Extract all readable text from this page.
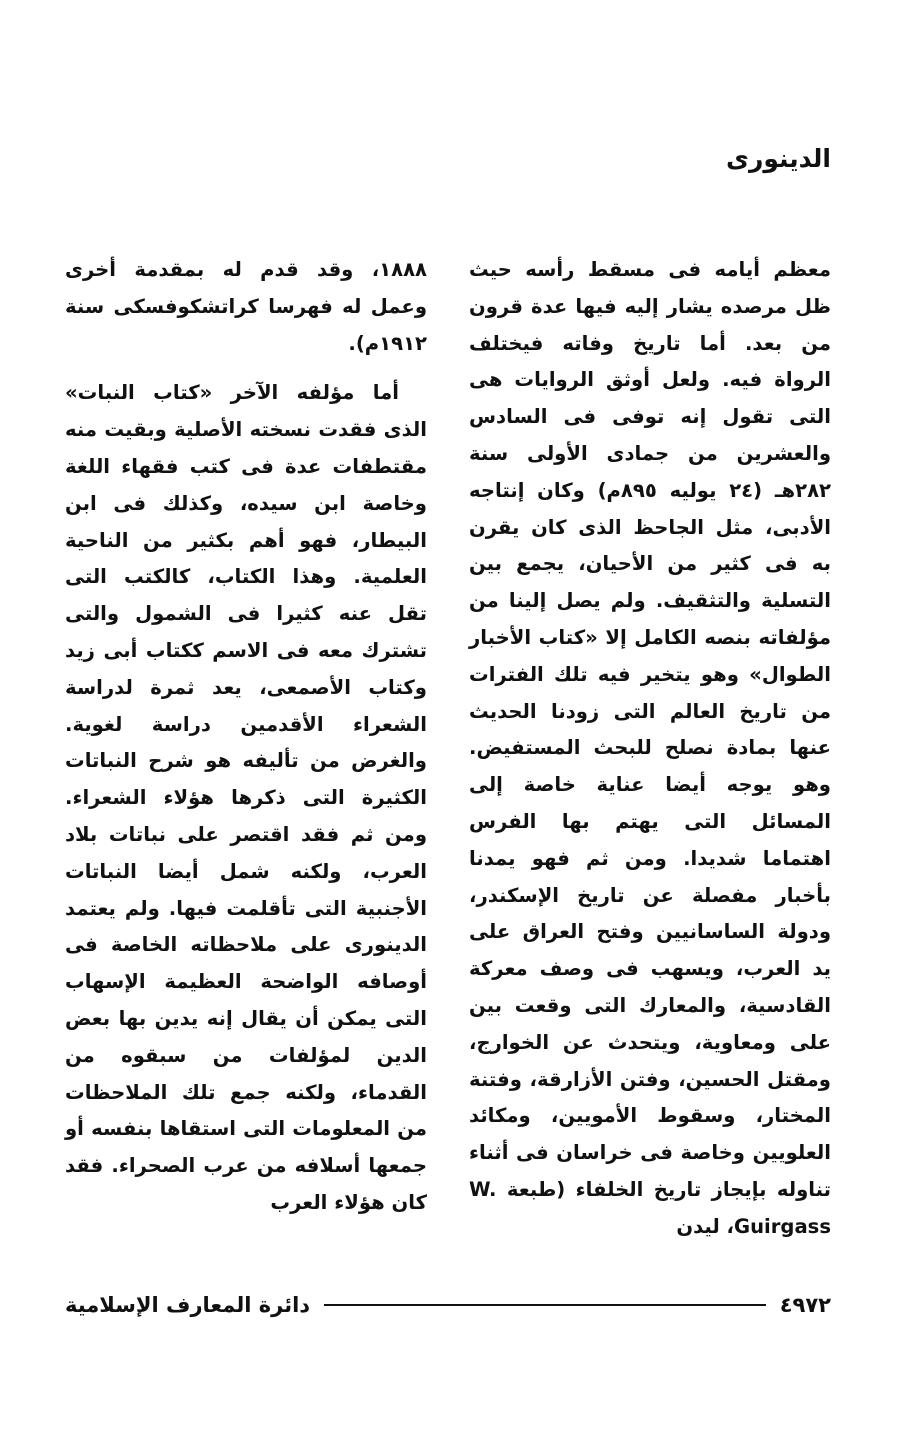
الدينورى

معظم أيامه فى مسقط رأسه حيث ظل مرصده يشار إليه فيها عدة قرون من بعد. أما تاريخ وفاته فيختلف الرواة فيه. ولعل أوثق الروايات هى التى تقول إنه توفى فى السادس والعشرين من جمادى الأولى سنة ٢٨٢هـ (٢٤ يوليه ٨٩٥م) وكان إنتاجه الأدبى، مثل الجاحظ الذى كان يقرن به فى كثير من الأحيان، يجمع بين التسلية والتثقيف. ولم يصل إلينا من مؤلفاته بنصه الكامل إلا «كتاب الأخبار الطوال» وهو يتخير فيه تلك الفترات من تاريخ العالم التى زودنا الحديث عنها بمادة نصلح للبحث المستفيض. وهو يوجه أيضا عناية خاصة إلى المسائل التى يهتم بها الفرس اهتماما شديدا. ومن ثم فهو يمدنا بأخبار مفصلة عن تاريخ الإسكندر، ودولة الساسانيين وفتح العراق على يد العرب، ويسهب فى وصف معركة القادسية، والمعارك التى وقعت بين على ومعاوية، ويتحدث عن الخوارج، ومقتل الحسين، وفتن الأزارقة، وفتنة المختار، وسقوط الأمويين، ومكائد العلويين وخاصة فى خراسان فى أثناء تناوله بإيجاز تاريخ الخلفاء (طبعة W. Guirgass، ليدن

١٨٨٨، وقد قدم له بمقدمة أخرى وعمل له فهرسا كراتشكوفسكى سنة ١٩١٢م).

أما مؤلفه الآخر «كتاب النبات» الذى فقدت نسخته الأصلية وبقيت منه مقتطفات عدة فى كتب فقهاء اللغة وخاصة ابن سيده، وكذلك فى ابن البيطار، فهو أهم بكثير من الناحية العلمية. وهذا الكتاب، كالكتب التى تقل عنه كثيرا فى الشمول والتى تشترك معه فى الاسم ككتاب أبى زيد وكتاب الأصمعى، يعد ثمرة لدراسة الشعراء الأقدمين دراسة لغوية. والغرض من تأليفه هو شرح النباتات الكثيرة التى ذكرها هؤلاء الشعراء. ومن ثم فقد اقتصر على نباتات بلاد العرب، ولكنه شمل أيضا النباتات الأجنبية التى تأقلمت فيها. ولم يعتمد الدينورى على ملاحظاته الخاصة فى أوصافه الواضحة العظيمة الإسهاب التى يمكن أن يقال إنه يدين بها بعض الدين لمؤلفات من سبقوه من القدماء، ولكنه جمع تلك الملاحظات من المعلومات التى استقاها بنفسه أو جمعها أسلافه من عرب الصحراء. فقد كان هؤلاء العرب

٤٩٧٢
دائرة المعارف الإسلامية
